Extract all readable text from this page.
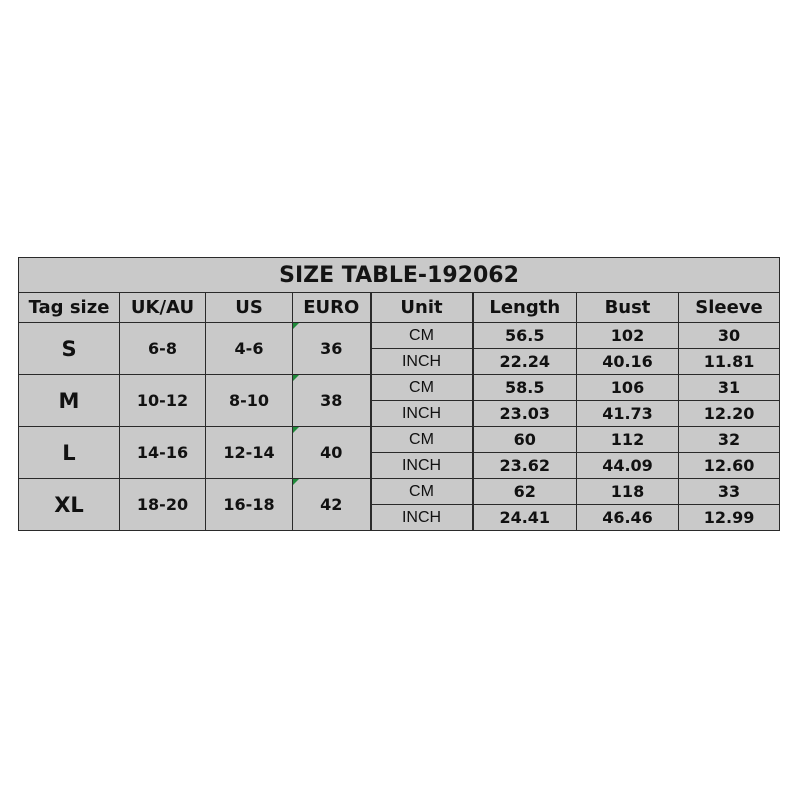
SIZE TABLE-192062							
Tag size	UK/AU	US	EURO	Unit	Length	Bust	Sleeve
S	6-8	4-6	36	CM	56.5	102	30
				INCH	22.24	40.16	11.81
M	10-12	8-10	38	CM	58.5	106	31
				INCH	23.03	41.73	12.20
L	14-16	12-14	40	CM	60	112	32
				INCH	23.62	44.09	12.60
XL	18-20	16-18	42	CM	62	118	33
				INCH	24.41	46.46	12.99
